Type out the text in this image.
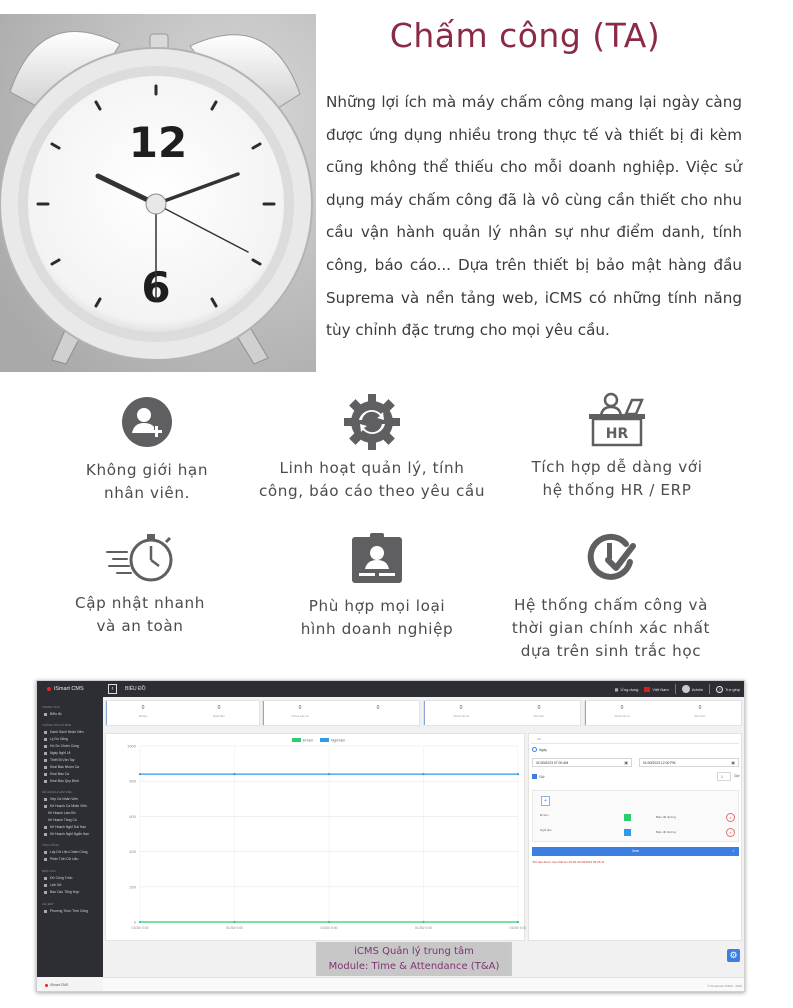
12
6
Chấm công (TA)

Những lợi ích mà máy chấm công mang lại ngày càng được ứng dụng nhiều trong thực tế và thiết bị đi kèm cũng không thể thiếu cho mỗi doanh nghiệp. Việc sử dụng máy chấm công đã là vô cùng cần thiết cho nhu cầu vận hành quản lý nhân sự như điểm danh, tính công, báo cáo... Dựa trên thiết bị bảo mật hàng đầu Suprema và nền tảng web, iCMS có những tính năng tùy chỉnh đặc trưng cho mọi yêu cầu.

Không giới hạn
nhân viên.
Linh hoạt quản lý, tính
công, báo cáo theo yêu cầu
HR
Tích hợp dễ dàng với
hệ thống HR / ERP
Cập nhật nhanh
và an toàn
Phù hợp mọi loại
hình doanh nghiệp
Hệ thống chấm công và
thời gian chính xác nhất
dựa trên sinh trắc học
iSmart CMS	‹	BIỂU ĐỒ	▦ Ứng dụng	Việt Nam	Admin	?	Trợ giúp
TRANG CHỦ
Biểu đồ
THÔNG TIN CƠ BẢN
Danh Sách Nhân Viên
Lý Do Vắng
Hồ Sơ Chấm Công
Ngày Nghỉ Lễ
Thiết Bị Vân Tay
Khai Báo Nhóm Ca
Khai Báo Ca
Khai Báo Quy Định
KẾ HOẠCH LÀM VIỆC
Xếp Ca Nhân Viên
Kế Hoạch Ca Nhân Viên
Kế Hoạch Làm Bù
Kế Hoạch Tăng Ca
Kế Hoạch Nghỉ Dài Hạn
Kế Hoạch Nghỉ Ngắn Hạn
TÍNH CÔNG
Lấy Dữ Liệu Chấm Công
Phân Tích Dữ Liệu
BÁO CÁO
Dữ Công Trình
Lịch Sử
Báo Cáo Tổng Hợp
CÀI ĐẶT
Phương Thức Tính Công
0
Đi làm
0
Nghỉ làm
0
Chưa vào ca
0	0
Chưa về ca
0
Ra sớm
0
Chưa về ca
0
Ra sớm
0
200
400
600
800
1000
01/30/ 0:00	01/30/ 0:00	01/30/ 0:00	01/30/ 0:00	01/30/ 0:00
Đi làm	Nghỉ làm	Ca
Ngày
01/30/2023 07:00 AM	▣	01/30/2023 12:00 PM	▣
Giờ	1	Giờ
+
Đi làm	Biểu đồ đường	×
Nghỉ làm	Biểu đồ đường	×
Xem	✓
*Dữ liệu được cập nhật lúc 09:00 01/30/2023 09:35:11
⚙
iSmart CMS	© iSmartnet CORP - 2023
iCMS Quản lý trung tâm
Module: Time & Attendance (T&A)
